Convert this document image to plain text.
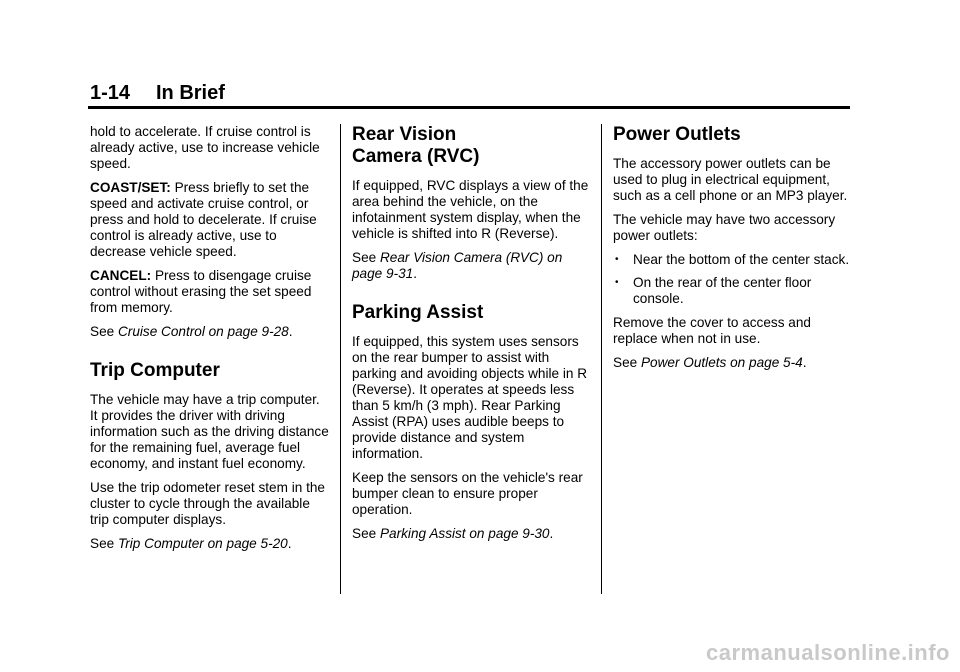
1-14 In Brief

hold to accelerate. If cruise control is already active, use to increase vehicle speed.

COAST/SET: Press briefly to set the speed and activate cruise control, or press and hold to decelerate. If cruise control is already active, use to decrease vehicle speed.

CANCEL: Press to disengage cruise control without erasing the set speed from memory.

See Cruise Control on page 9-28.

Trip Computer

The vehicle may have a trip computer. It provides the driver with driving information such as the driving distance for the remaining fuel, average fuel economy, and instant fuel economy.

Use the trip odometer reset stem in the cluster to cycle through the available trip computer displays.

See Trip Computer on page 5-20.

Rear Vision Camera (RVC)

If equipped, RVC displays a view of the area behind the vehicle, on the infotainment system display, when the vehicle is shifted into R (Reverse).

See Rear Vision Camera (RVC) on page 9-31.

Parking Assist

If equipped, this system uses sensors on the rear bumper to assist with parking and avoiding objects while in R (Reverse). It operates at speeds less than 5 km/h (3 mph). Rear Parking Assist (RPA) uses audible beeps to provide distance and system information.

Keep the sensors on the vehicle's rear bumper clean to ensure proper operation.

See Parking Assist on page 9-30.

Power Outlets

The accessory power outlets can be used to plug in electrical equipment, such as a cell phone or an MP3 player.

The vehicle may have two accessory power outlets:

• Near the bottom of the center stack.
• On the rear of the center floor console.

Remove the cover to access and replace when not in use.

See Power Outlets on page 5-4.

carmanualsonline.info
